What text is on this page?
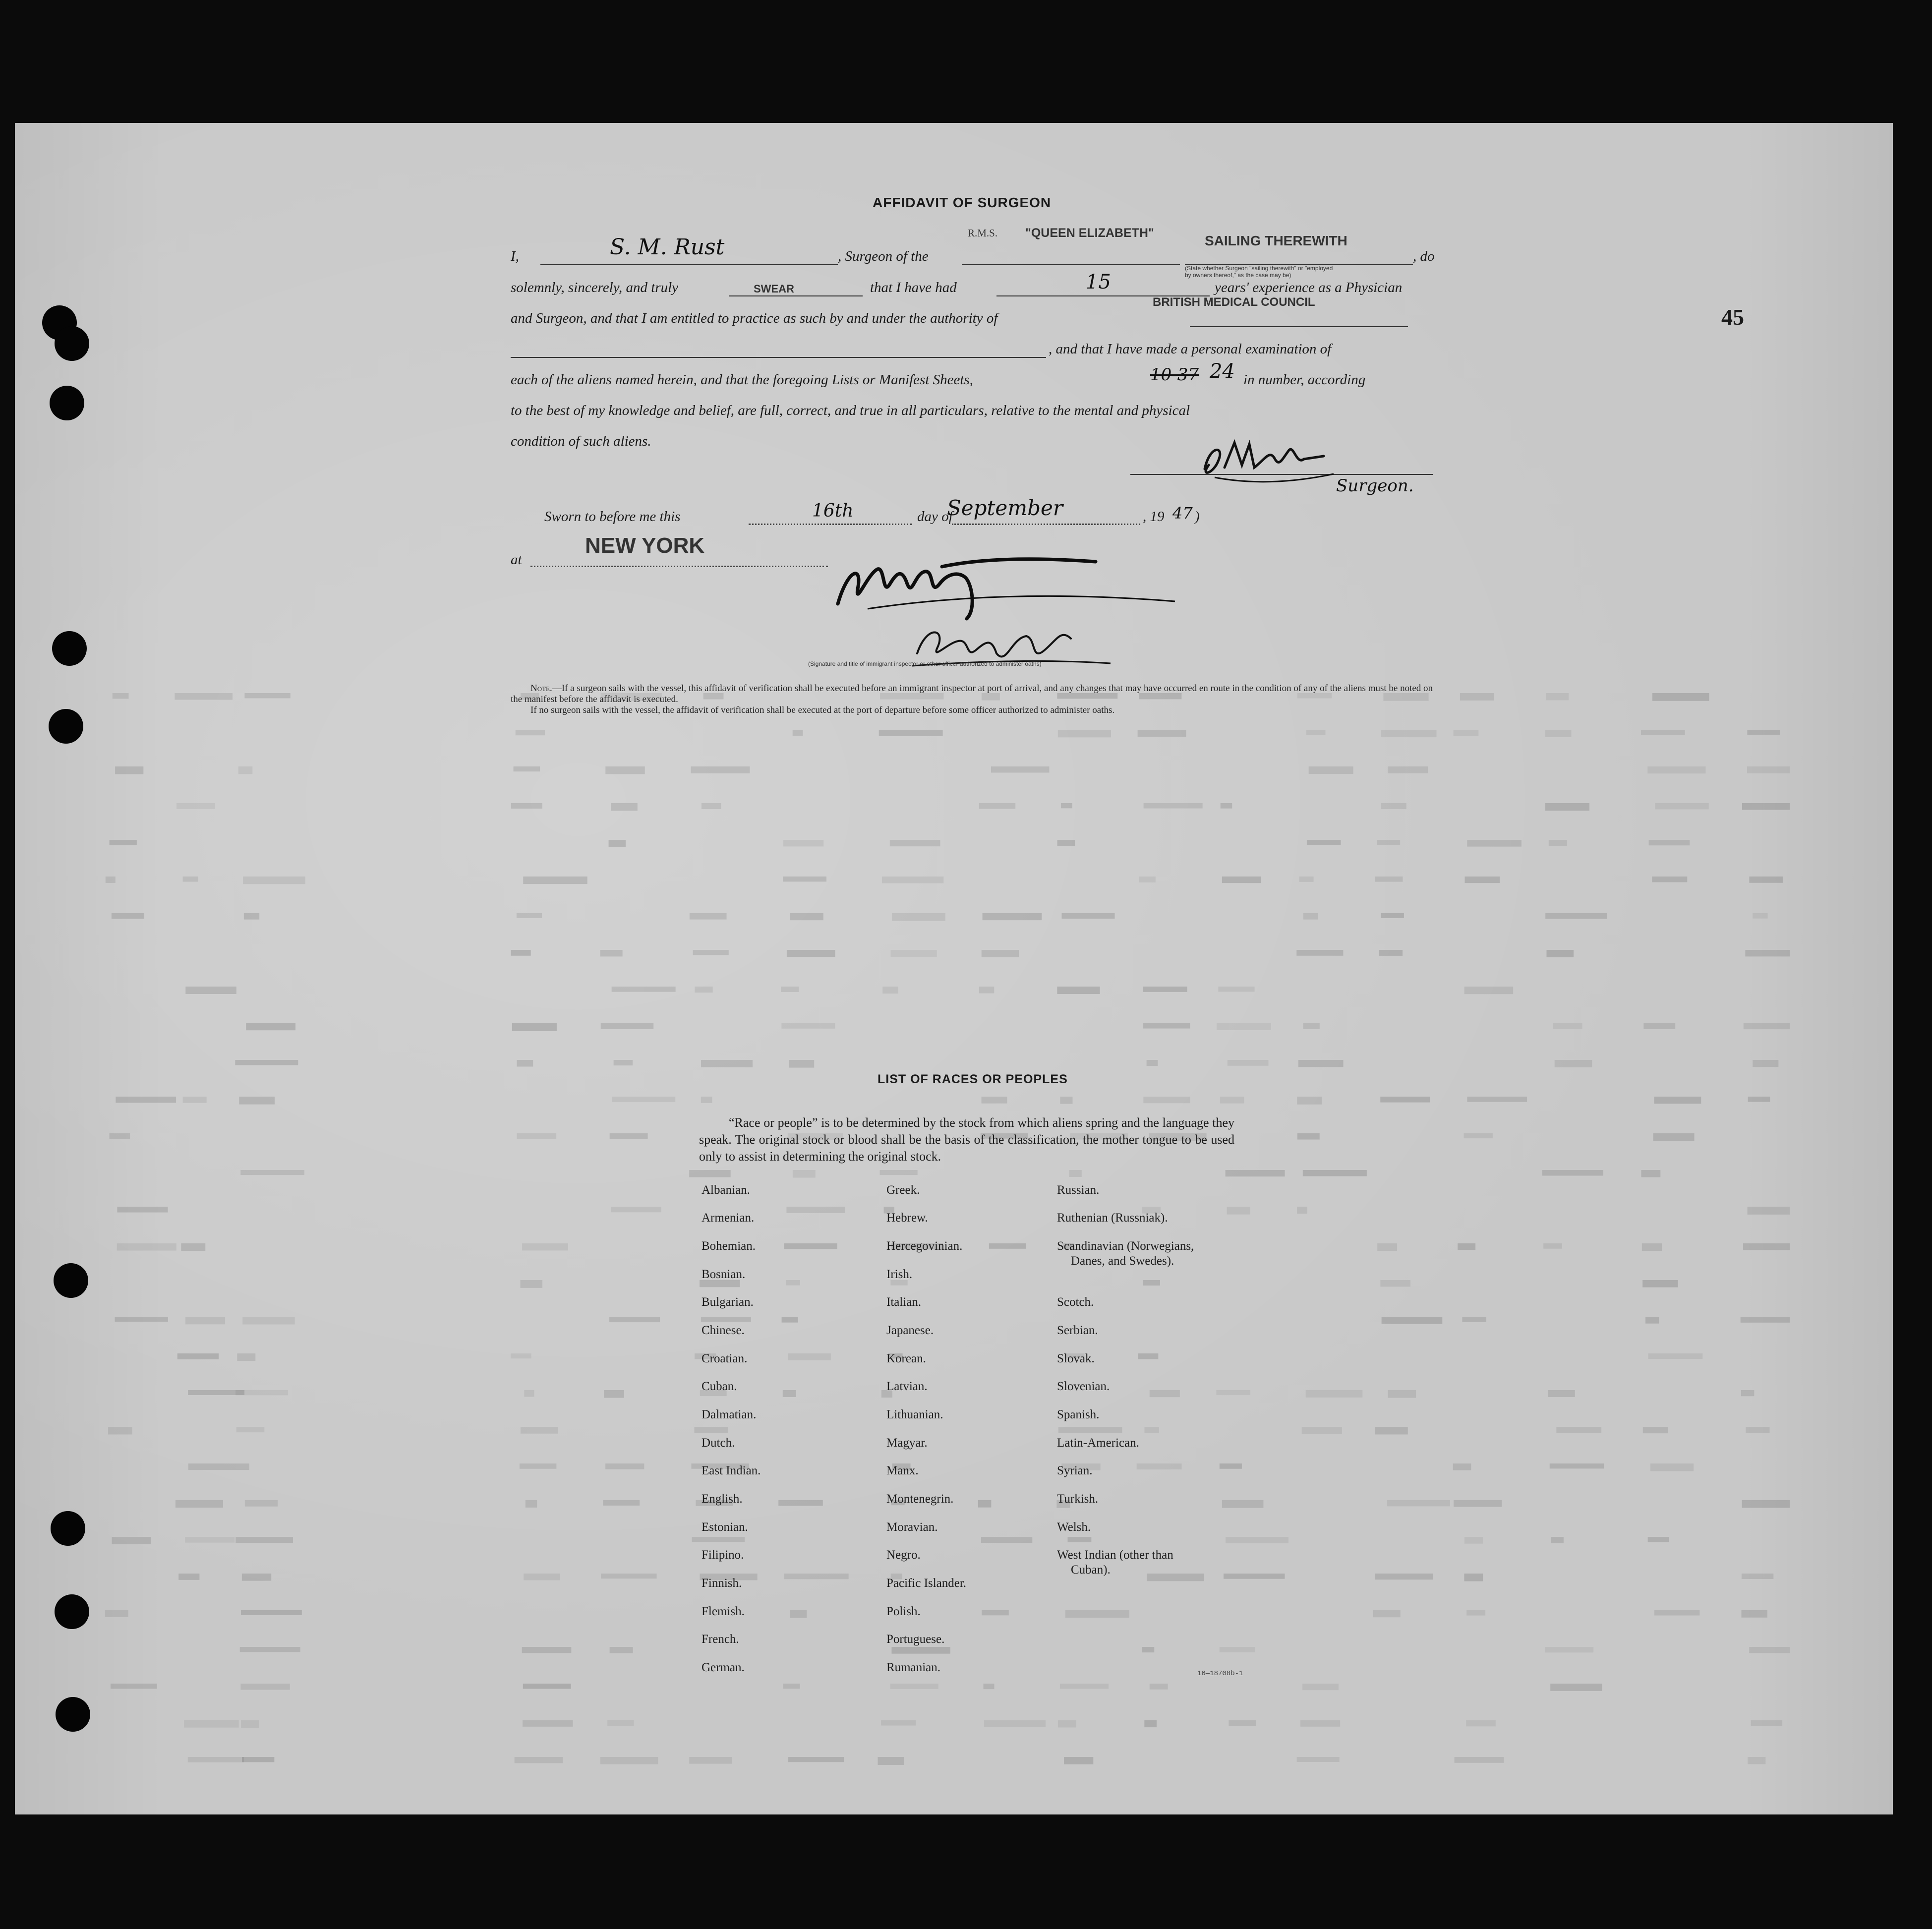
45
AFFIDAVIT OF SURGEON
R.M.S. "QUEEN ELIZABETH"	SAILING THEREWITH
(State whether Surgeon "sailing therewith" or "employed by owners thereof," as the case may be)
I,	S. M. Rust	, Surgeon of the	, do
solemnly, sincerely, and truly	SWEAR	that I have had	15	years' experience as a Physician
BRITISH MEDICAL COUNCIL
and Surgeon, and that I am entitled to practice as such by and under the authority of
, and that I have made a personal examination of
each of the aliens named herein, and that the foregoing Lists or Manifest Sheets,	10-37 24 in number, according
to the best of my knowledge and belief, are full, correct, and true in all particulars, relative to the mental and physical
condition of such aliens.
Surgeon.
Sworn to before me this	16th	day of
September	, 19 47 )
NEW YORK
at
(Signature and title of immigrant inspector or other officer authorized to administer oaths)
Note.—If a surgeon sails with the vessel, this affidavit of verification shall be executed before an immigrant inspector at port of arrival, and any changes that may have occurred en route in the condition of any of the aliens must be noted on the manifest before the affidavit is executed.
If no surgeon sails with the vessel, the affidavit of verification shall be executed at the port of departure before some officer authorized to administer oaths.
LIST OF RACES OR PEOPLES
“Race or people” is to be determined by the stock from which aliens spring and the language they speak. The original stock or blood shall be the basis of the classification, the mother tongue to be used only to assist in determining the original stock.
Albanian.
Armenian.
Bohemian.
Bosnian.
Bulgarian.
Chinese.
Croatian.
Cuban.
Dalmatian.
Dutch.
East Indian.
English.
Estonian.
Filipino.
Finnish.
Flemish.
French.
German.
Greek.
Hebrew.
Hercegovinian.
Irish.
Italian.
Japanese.
Korean.
Latvian.
Lithuanian.
Magyar.
Manx.
Montenegrin.
Moravian.
Negro.
Pacific Islander.
Polish.
Portuguese.
Rumanian.
Russian.
Ruthenian (Russniak).
Scandinavian (Norwegians,
Danes, and Swedes).
Scotch.
Serbian.
Slovak.
Slovenian.
Spanish.
Latin-American.
Syrian.
Turkish.
Welsh.
West Indian (other than
Cuban).
16—18708b-1
